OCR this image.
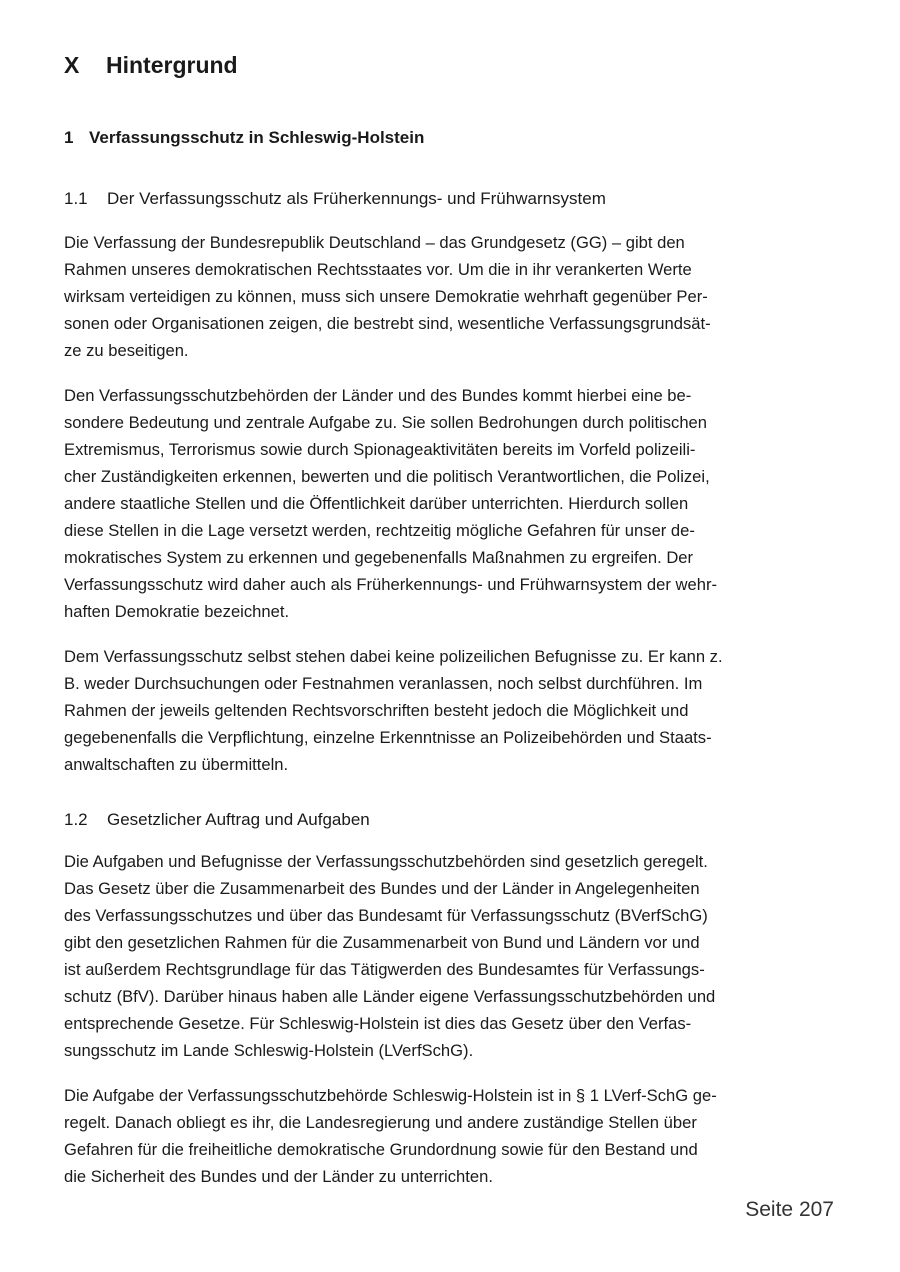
X Hintergrund
1 Verfassungsschutz in Schleswig-Holstein
1.1 Der Verfassungsschutz als Früherkennungs- und Frühwarnsystem

Die Verfassung der Bundesrepublik Deutschland – das Grundgesetz (GG) – gibt den
Rahmen unseres demokratischen Rechtsstaates vor. Um die in ihr verankerten Werte
wirksam verteidigen zu können, muss sich unsere Demokratie wehrhaft gegenüber Per-
sonen oder Organisationen zeigen, die bestrebt sind, wesentliche Verfassungsgrundsät-
ze zu beseitigen.

Den Verfassungsschutzbehörden der Länder und des Bundes kommt hierbei eine be-
sondere Bedeutung und zentrale Aufgabe zu. Sie sollen Bedrohungen durch politischen
Extremismus, Terrorismus sowie durch Spionageaktivitäten bereits im Vorfeld polizeili-
cher Zuständigkeiten erkennen, bewerten und die politisch Verantwortlichen, die Polizei,
andere staatliche Stellen und die Öffentlichkeit darüber unterrichten. Hierdurch sollen
diese Stellen in die Lage versetzt werden, rechtzeitig mögliche Gefahren für unser de-
mokratisches System zu erkennen und gegebenenfalls Maßnahmen zu ergreifen. Der
Verfassungsschutz wird daher auch als Früherkennungs- und Frühwarnsystem der wehr-
haften Demokratie bezeichnet.

Dem Verfassungsschutz selbst stehen dabei keine polizeilichen Befugnisse zu. Er kann z.
B. weder Durchsuchungen oder Festnahmen veranlassen, noch selbst durchführen. Im
Rahmen der jeweils geltenden Rechtsvorschriften besteht jedoch die Möglichkeit und
gegebenenfalls die Verpflichtung, einzelne Erkenntnisse an Polizeibehörden und Staats-
anwaltschaften zu übermitteln.

1.2 Gesetzlicher Auftrag und Aufgaben

Die Aufgaben und Befugnisse der Verfassungsschutzbehörden sind gesetzlich geregelt.
Das Gesetz über die Zusammenarbeit des Bundes und der Länder in Angelegenheiten
des Verfassungsschutzes und über das Bundesamt für Verfassungsschutz (BVerfSchG)
gibt den gesetzlichen Rahmen für die Zusammenarbeit von Bund und Ländern vor und
ist außerdem Rechtsgrundlage für das Tätigwerden des Bundesamtes für Verfassungs-
schutz (BfV). Darüber hinaus haben alle Länder eigene Verfassungsschutzbehörden und
entsprechende Gesetze. Für Schleswig-Holstein ist dies das Gesetz über den Verfas-
sungsschutz im Lande Schleswig-Holstein (LVerfSchG).

Die Aufgabe der Verfassungsschutzbehörde Schleswig-Holstein ist in § 1 LVerf-SchG ge-
regelt. Danach obliegt es ihr, die Landesregierung und andere zuständige Stellen über
Gefahren für die freiheitliche demokratische Grundordnung sowie für den Bestand und
die Sicherheit des Bundes und der Länder zu unterrichten.

Seite 207
